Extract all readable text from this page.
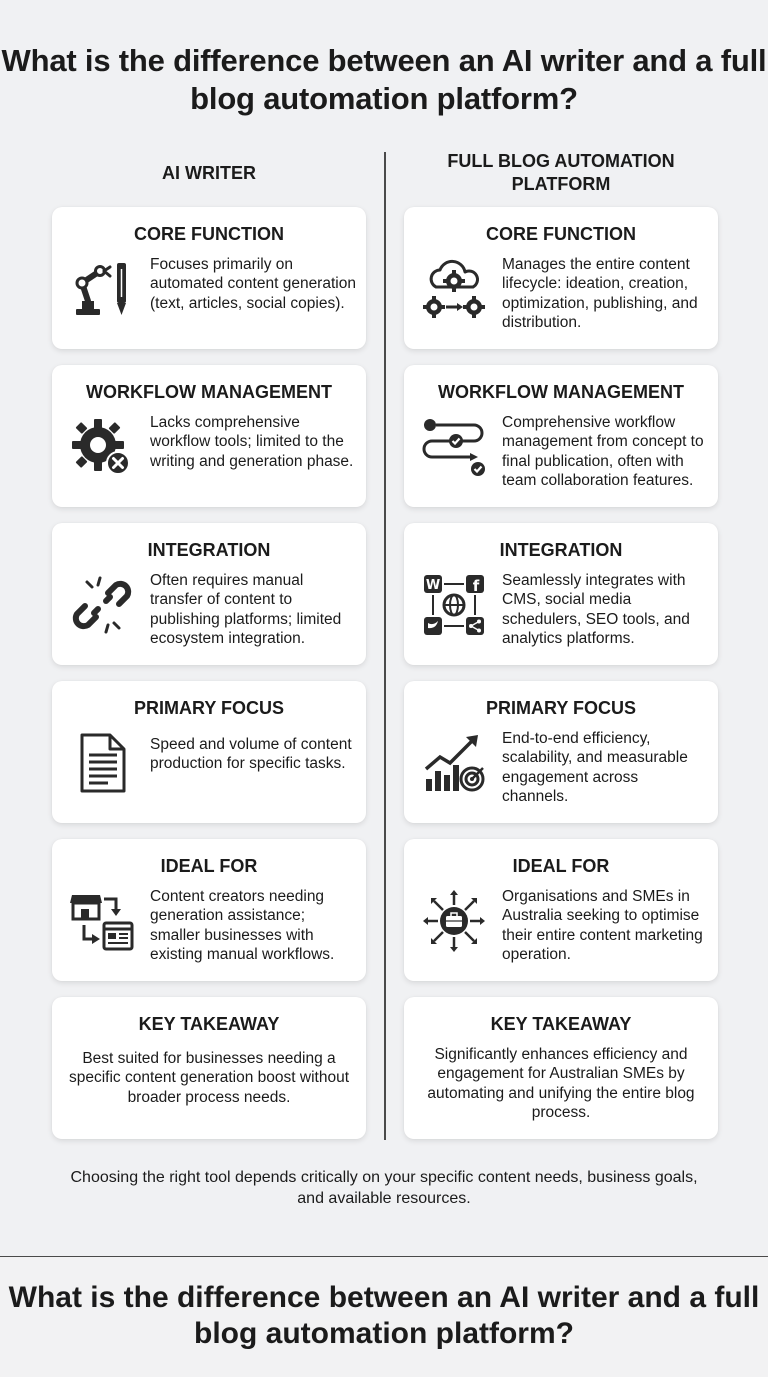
What is the difference between an AI writer and a full blog automation platform?
AI WRITER
FULL BLOG AUTOMATION PLATFORM
CORE FUNCTION
Focuses primarily on automated content generation (text, articles, social copies).
WORKFLOW MANAGEMENT
Lacks comprehensive workflow tools; limited to the writing and generation phase.
INTEGRATION
Often requires manual transfer of content to publishing platforms; limited ecosystem integration.
PRIMARY FOCUS
Speed and volume of content production for specific tasks.
IDEAL FOR
Content creators needing generation assistance; smaller businesses with existing manual workflows.
KEY TAKEAWAY
Best suited for businesses needing a specific content generation boost without broader process needs.
CORE FUNCTION
Manages the entire content lifecycle: ideation, creation, optimization, publishing, and distribution.
WORKFLOW MANAGEMENT
Comprehensive workflow management from concept to final publication, often with team collaboration features.
INTEGRATION
W f Seamlessly integrates with CMS, social media schedulers, SEO tools, and analytics platforms.
PRIMARY FOCUS
End-to-end efficiency, scalability, and measurable engagement across channels.
IDEAL FOR
Organisations and SMEs in Australia seeking to optimise their entire content marketing operation.
KEY TAKEAWAY
Significantly enhances efficiency and engagement for Australian SMEs by automating and unifying the entire blog process.
Choosing the right tool depends critically on your specific content needs, business goals, and available resources.
What is the difference between an AI writer and a full blog automation platform?
